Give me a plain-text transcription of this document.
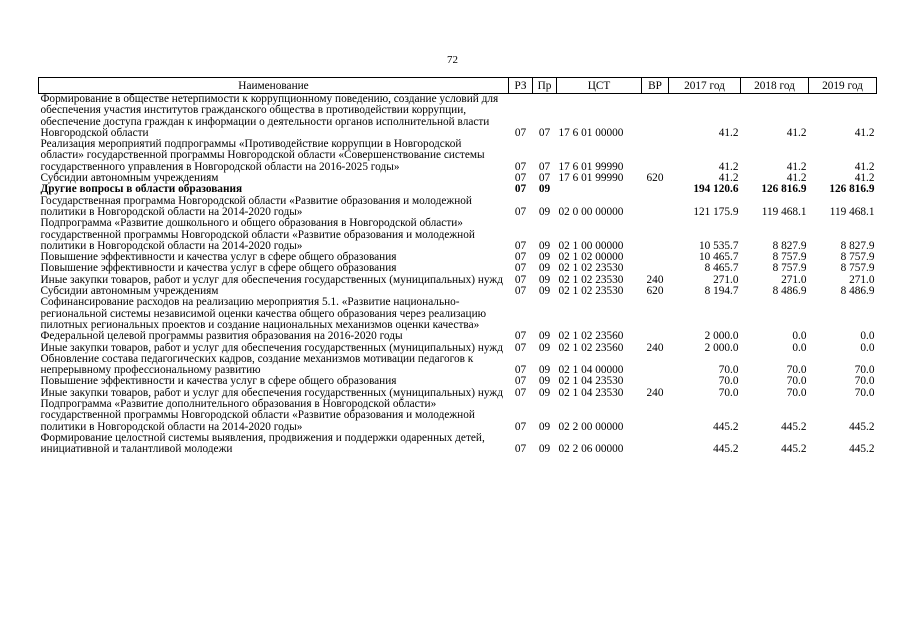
72
Наименование	РЗ	Пр	ЦСТ	ВР	2017 год	2018 год	2019 год
Формирование в обществе нетерпимости к коррупционному поведению, создание условий для обеспечения участия институтов гражданского общества в противодействии коррупции, обеспечение доступа граждан к информации о деятельности органов исполнительной власти Новгородской области	07	07	17 6 01 00000		41.2	41.2	41.2
Реализация мероприятий подпрограммы «Противодействие коррупции в Новгородской области» государственной программы Новгородской области «Совершенствование системы государственного управления в Новгородской области на 2016-2025 годы»	07	07	17 6 01 99990		41.2	41.2	41.2
Субсидии автономным учреждениям	07	07	17 6 01 99990	620	41.2	41.2	41.2
Другие вопросы в области образования	07	09			194 120.6	126 816.9	126 816.9
Государственная программа Новгородской области «Развитие образования и молодежной политики в Новгородской области на 2014-2020 годы»	07	09	02 0 00 00000		121 175.9	119 468.1	119 468.1
Подпрограмма «Развитие дошкольного и общего образования в Новгородской области» государственной программы Новгородской области «Развитие образования и молодежной политики в Новгородской области на 2014-2020 годы»	07	09	02 1 00 00000		10 535.7	8 827.9	8 827.9
Повышение эффективности и качества услуг в сфере общего образования	07	09	02 1 02 00000		10 465.7	8 757.9	8 757.9
Повышение эффективности и качества услуг в сфере общего образования	07	09	02 1 02 23530		8 465.7	8 757.9	8 757.9
Иные закупки товаров, работ и услуг для обеспечения государственных (муниципальных) нужд	07	09	02 1 02 23530	240	271.0	271.0	271.0
Субсидии автономным учреждениям	07	09	02 1 02 23530	620	8 194.7	8 486.9	8 486.9
Софинансирование расходов на реализацию мероприятия 5.1. «Развитие национально-региональной системы независимой оценки качества общего образования через реализацию пилотных региональных проектов и создание национальных механизмов оценки качества» Федеральной целевой программы развития образования на 2016-2020 годы	07	09	02 1 02 23560		2 000.0	0.0	0.0
Иные закупки товаров, работ и услуг для обеспечения государственных (муниципальных) нужд	07	09	02 1 02 23560	240	2 000.0	0.0	0.0
Обновление состава педагогических кадров, создание механизмов мотивации педагогов к непрерывному профессиональному развитию	07	09	02 1 04 00000		70.0	70.0	70.0
Повышение эффективности и качества услуг в сфере общего образования	07	09	02 1 04 23530		70.0	70.0	70.0
Иные закупки товаров, работ и услуг для обеспечения государственных (муниципальных) нужд	07	09	02 1 04 23530	240	70.0	70.0	70.0
Подпрограмма «Развитие дополнительного образования в Новгородской области» государственной программы Новгородской области «Развитие образования и молодежной политики в Новгородской области на 2014-2020 годы»	07	09	02 2 00 00000		445.2	445.2	445.2
Формирование целостной системы выявления, продвижения и поддержки одаренных детей, инициативной и талантливой молодежи	07	09	02 2 06 00000		445.2	445.2	445.2
